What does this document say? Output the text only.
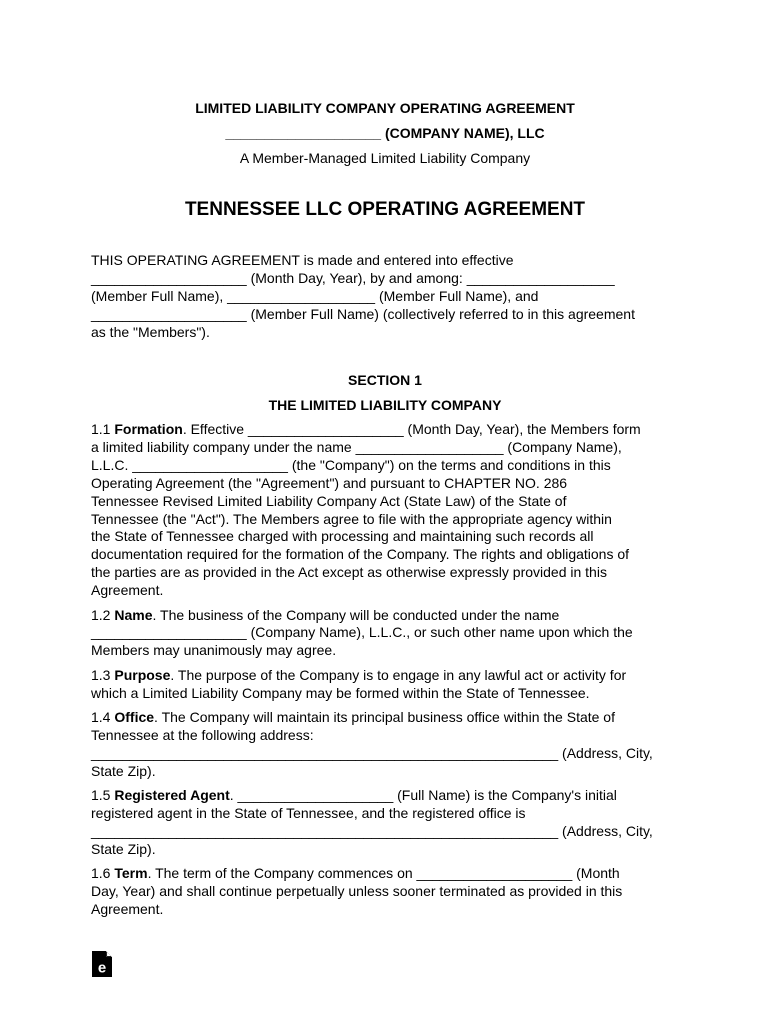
LIMITED LIABILITY COMPANY OPERATING AGREEMENT
____________________ (COMPANY NAME), LLC
A Member-Managed Limited Liability Company
TENNESSEE LLC OPERATING AGREEMENT
THIS OPERATING AGREEMENT is made and entered into effective
____________________ (Month Day, Year), by and among: ___________________
(Member Full Name), ___________________ (Member Full Name), and
____________________ (Member Full Name) (collectively referred to in this agreement
as the "Members").
SECTION 1
THE LIMITED LIABILITY COMPANY
1.1 Formation. Effective ____________________ (Month Day, Year), the Members form
a limited liability company under the name ___________________ (Company Name),
L.L.C. ____________________ (the "Company") on the terms and conditions in this
Operating Agreement (the "Agreement") and pursuant to CHAPTER NO. 286
Tennessee Revised Limited Liability Company Act (State Law) of the State of
Tennessee (the "Act"). The Members agree to file with the appropriate agency within
the State of Tennessee charged with processing and maintaining such records all
documentation required for the formation of the Company. The rights and obligations of
the parties are as provided in the Act except as otherwise expressly provided in this
Agreement.
1.2 Name. The business of the Company will be conducted under the name
____________________ (Company Name), L.L.C., or such other name upon which the
Members may unanimously may agree.
1.3 Purpose. The purpose of the Company is to engage in any lawful act or activity for
which a Limited Liability Company may be formed within the State of Tennessee.
1.4 Office. The Company will maintain its principal business office within the State of
Tennessee at the following address:
____________________________________________________________ (Address, City,
State Zip).
1.5 Registered Agent. ____________________ (Full Name) is the Company's initial
registered agent in the State of Tennessee, and the registered office is
____________________________________________________________ (Address, City,
State Zip).
1.6 Term. The term of the Company commences on ____________________ (Month
Day, Year) and shall continue perpetually unless sooner terminated as provided in this
Agreement.
e
